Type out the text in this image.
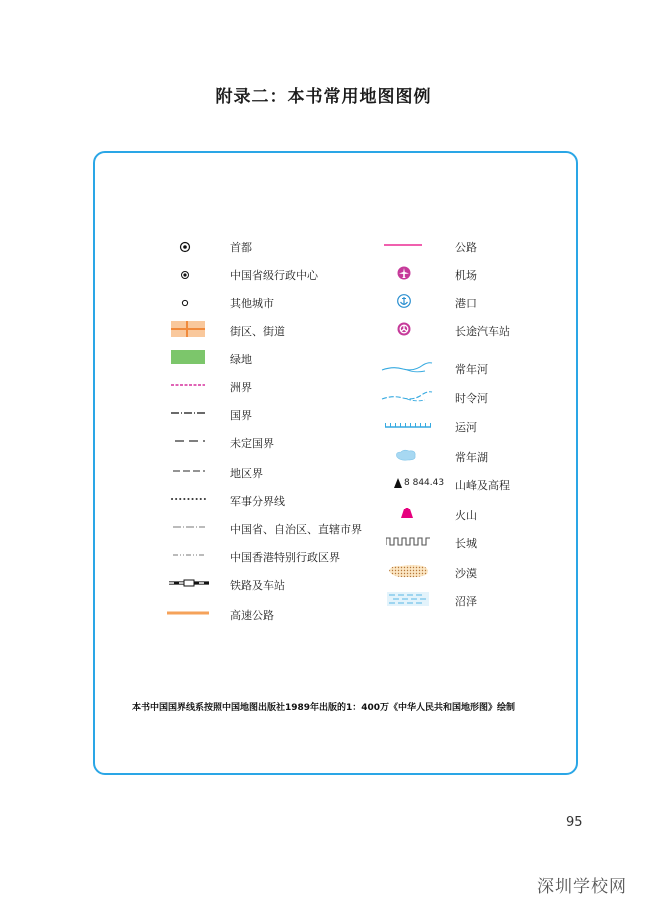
附录二：本书常用地图图例
首都
中国省级行政中心
其他城市
街区、街道
绿地
洲界
国界
未定国界
地区界
军事分界线
中国省、自治区、直辖市界
中国香港特别行政区界
铁路及车站
高速公路
公路
机场
港口
长途汽车站
常年河
时令河
运河
常年湖
8 844.43 山峰及高程
火山
长城
沙漠
沼泽
本书中国国界线系按照中国地图出版社1989年出版的1：400万《中华人民共和国地形图》绘制
95
深圳学校网
